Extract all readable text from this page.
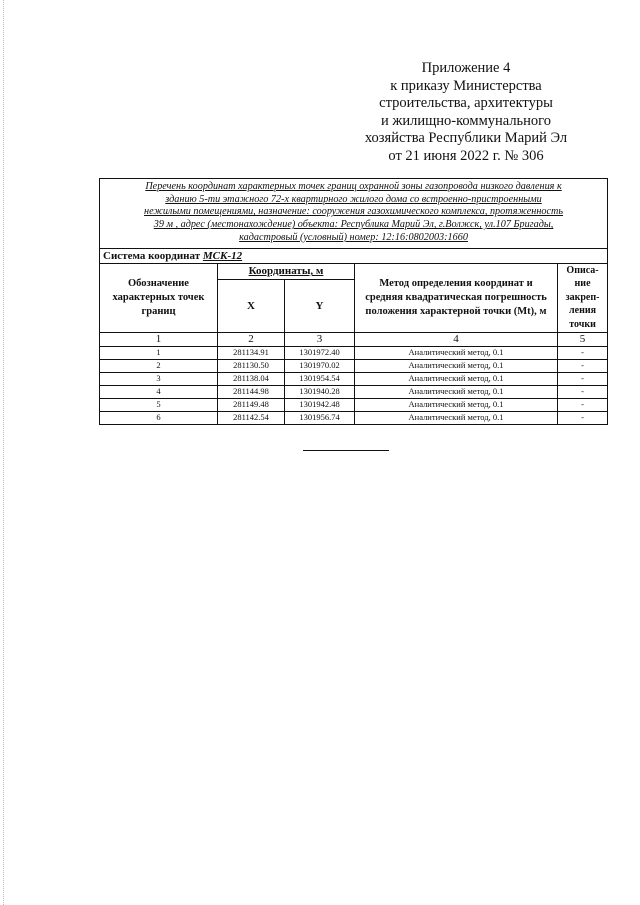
Приложение 4
к приказу Министерства
строительства, архитектуры
и жилищно-коммунального
хозяйства Республики Марий Эл
от 21 июня 2022 г. № 306
Перечень координат характерных точек границ охранной зоны газопровода низкого давления к
зданию 5-ти этажного 72-х квартирного жилого дома со встроенно-пристроенными
нежилыми помещениями, назначение: сооружения газохимического комплекса, протяженность
39 м , адрес (местонахождение) объекта: Республика Марий Эл, г.Волжск, ул.107 Бригады,
кадастровый (условный) номер: 12:16:0802003:1660				

Система координат МСК-12				
Обозначение характерных точек границ	Координаты, м		Метод определения координат и средняя квадратическая погрешность положения характерной точки (Mt), м	Описа-ние закреп-ления точки
	X	Y		
1	2	3	4	5
1	281134.91	1301972.40	Аналитический метод, 0.1	-
2	281130.50	1301970.02	Аналитический метод, 0.1	-
3	281138.04	1301954.54	Аналитический метод, 0.1	-
4	281144.98	1301940.28	Аналитический метод, 0.1	-
5	281149.48	1301942.48	Аналитический метод, 0.1	-
6	281142.54	1301956.74	Аналитический метод, 0.1	-
